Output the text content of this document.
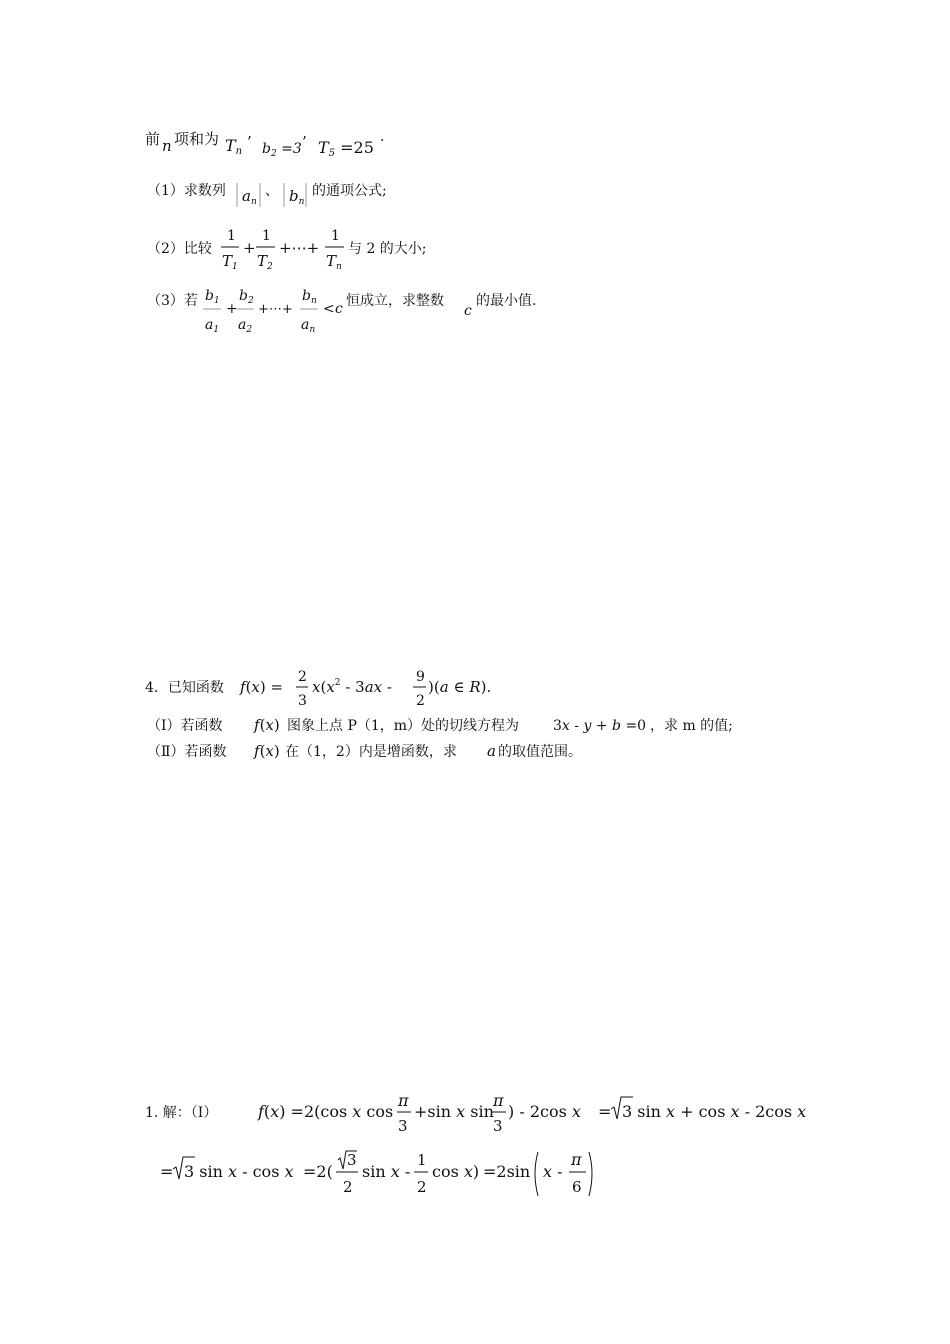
前 n 项和为 Tn
’ $b_2 =3$ ’ T5 =25 ·
（1）求数列 $a_n$
、 $b_n$
的通项公式;
（2）比较
1
$T_1$
+
1
$T_2$
+⋯+
1
$T_n$
与 2 的大小;
（3）若 $b_1$
$a_1$
+
$b_2$
$a_2$
+⋯+
$b_n$
$a_n$
< c 恒成立，求整数
c
的最小值.
4．已知函数 f(x) =
2
3
$x(x^2 - 3ax$ -
9
2
)(a ∈ R).
（Ⅰ）若函数 f(x) 图象上点 P（1，m）处的切线方程为 3x - y + b =0 ，求 m 的值;
（Ⅱ）若函数 f(x) 在（1，2）内是增函数，求 a 的取值范围。
1. 解：（Ⅰ）	f(x) =2(cos x cos
π
3
+sin x sin
π
3
) - 2cos x = 3 sin x + cos x - 2cos x
= 3 sin x - cos x =2(
3
2
sin x -
1
2
cos x) =2sin x -
π
6
